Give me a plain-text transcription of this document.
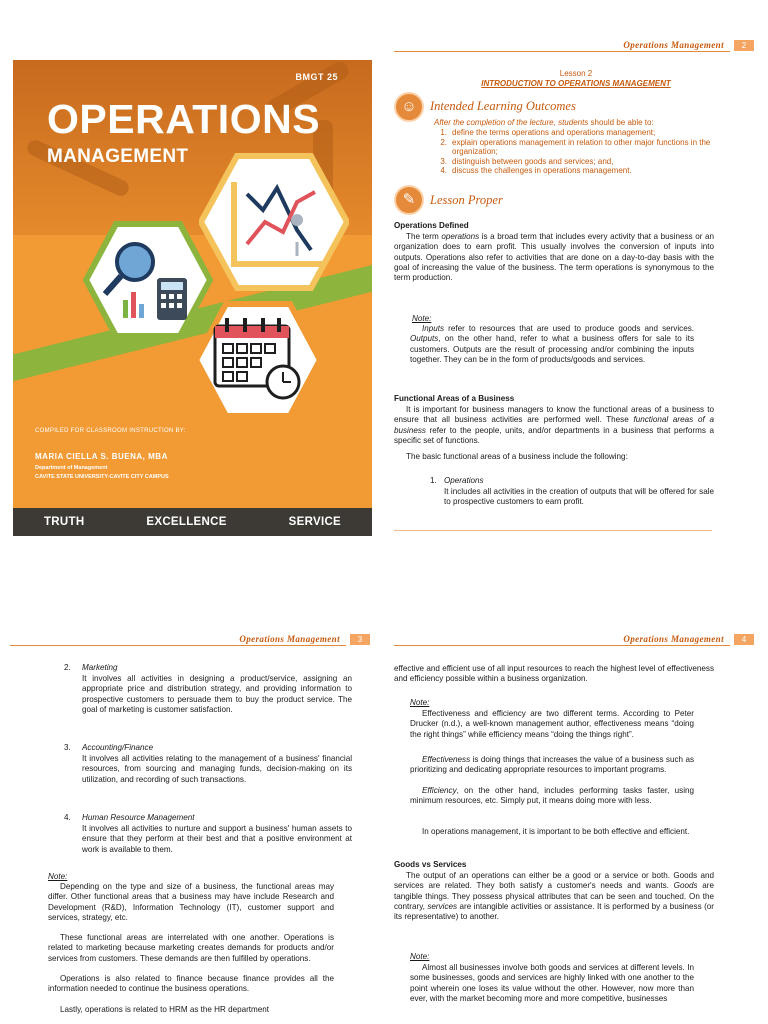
BMGT 25
OPERATIONS
MANAGEMENT
COMPILED FOR CLASSROOM INSTRUCTION BY:
MARIA CIELLA S. BUENA, MBA
Department of Management
CAVITE STATE UNIVERSITY-CAVITE CITY CAMPUS
TRUTH	EXCELLENCE	SERVICE
Operations Management	2
Lesson 2
INTRODUCTION TO OPERATIONS MANAGEMENT
☺	Intended Learning Outcomes
After the completion of the lecture, students should be able to:
1. define the terms operations and operations management;
2. explain operations management in relation to other major functions in the organization;
3. distinguish between goods and services; and,
4. discuss the challenges in operations management.
✎	Lesson Proper
Operations Defined
The term operations is a broad term that includes every activity that a business or an organization does to earn profit. This usually involves the conversion of inputs into outputs. Operations also refer to activities that are done on a day-to-day basis with the goal of increasing the value of the business. The term operations is synonymous to the term production.
Note:
Inputs refer to resources that are used to produce goods and services. Outputs, on the other hand, refer to what a business offers for sale to its customers. Outputs are the result of processing and/or combining the inputs together. They can be in the form of products/goods and services.
Functional Areas of a Business
It is important for business managers to know the functional areas of a business to ensure that all business activities are performed well. These functional areas of a business refer to the people, units, and/or departments in a business that performs a specific set of functions.
The basic functional areas of a business include the following:
1. Operations
It includes all activities in the creation of outputs that will be offered for sale to prospective customers to earn profit.
Operations Management	3
2.	Marketing
It involves all activities in designing a product/service, assigning an appropriate price and distribution strategy, and providing information to prospective customers to persuade them to buy the product service. The goal of marketing is customer satisfaction.
3.	Accounting/Finance
It involves all activities relating to the management of a business' financial resources, from sourcing and managing funds, decision-making on its utilization, and recording of such transactions.
4.	Human Resource Management
It involves all activities to nurture and support a business' human assets to ensure that they perform at their best and that a positive environment at work is available to them.
Note:
Depending on the type and size of a business, the functional areas may differ. Other functional areas that a business may have include Research and Development (R&D), Information Technology (IT), customer support and services, strategy, etc.
These functional areas are interrelated with one another. Operations is related to marketing because marketing creates demands for products and/or services from customers. These demands are then fulfilled by operations.
Operations is also related to finance because finance provides all the information needed to continue the business operations.
Lastly, operations is related to HRM as the HR department
Operations Management	4
effective and efficient use of all input resources to reach the highest level of effectiveness and efficiency possible within a business organization.
Note:
Effectiveness and efficiency are two different terms. According to Peter Drucker (n.d.), a well-known management author, effectiveness means “doing the right things” while efficiency means “doing the things right”.
Effectiveness is doing things that increases the value of a business such as prioritizing and dedicating appropriate resources to important programs.
Efficiency, on the other hand, includes performing tasks faster, using minimum resources, etc. Simply put, it means doing more with less.
In operations management, it is important to be both effective and efficient.
Goods vs Services
The output of an operations can either be a good or a service or both. Goods and services are related. They both satisfy a customer's needs and wants. Goods are tangible things. They possess physical attributes that can be seen and touched. On the contrary, services are intangible activities or assistance. It is performed by a business (or its representative) to another.
Note:
Almost all businesses involve both goods and services at different levels. In some businesses, goods and services are highly linked with one another to the point wherein one loses its value without the other. However, now more than ever, with the market becoming more and more competitive, businesses
